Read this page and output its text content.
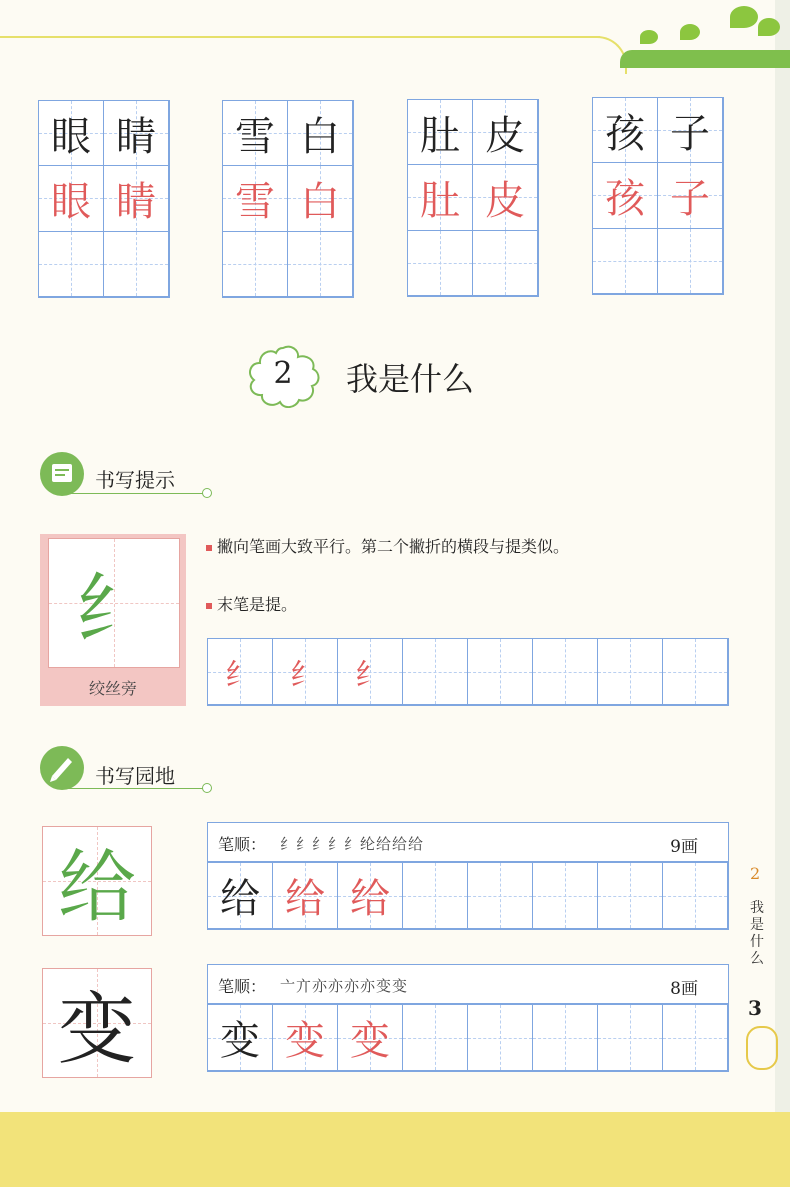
眼 睛
眼 睛
雪 白
雪 白
肚 皮
肚 皮
孩 子
孩 子
2 我是什么
书写提示
纟
绞丝旁
撇向笔画大致平行。第二个撇折的横段与提类似。
末笔是提。
纟 纟 纟
书写园地
给	笔顺： 纟纟纟纟纟纶给给给	9画
给 给 给
变	笔顺： 亠亣亦亦亦亦变变	8画
变 变 变
2
我是什么
3
